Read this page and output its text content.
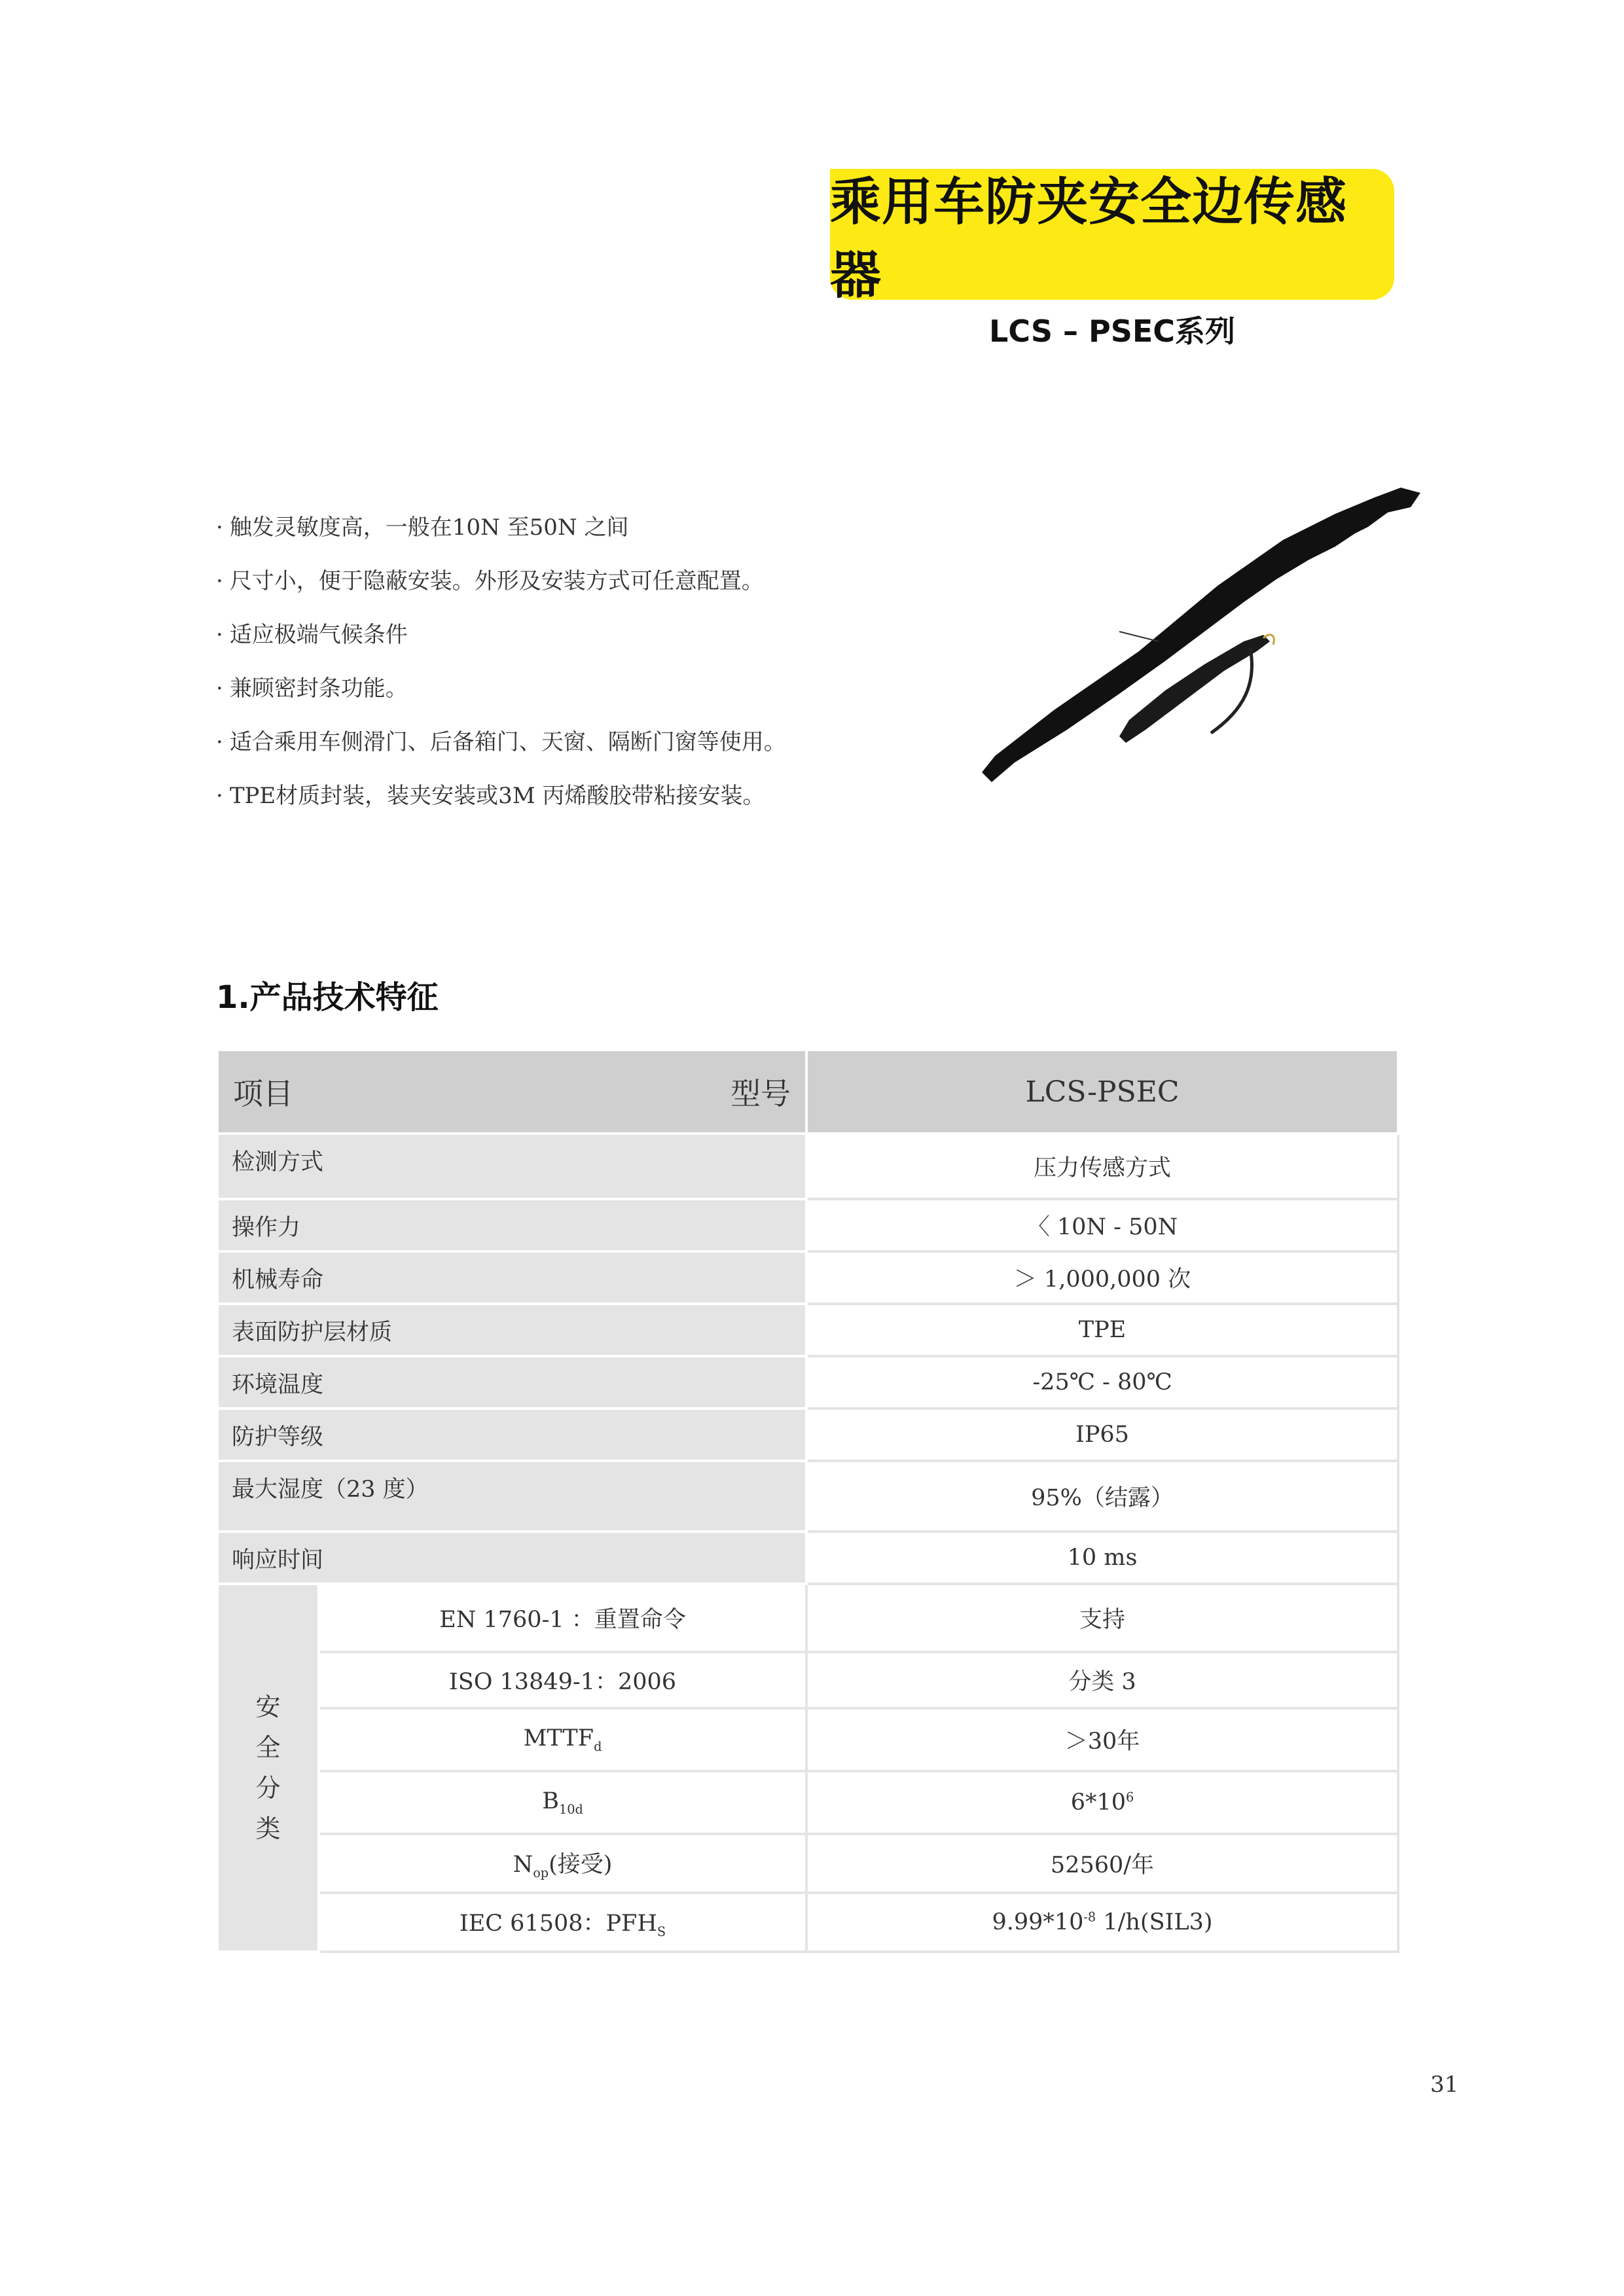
乘用车防夹安全边传感器
LCS – PSEC系列
· 触发灵敏度高，一般在10N 至50N 之间
· 尺寸小，便于隐蔽安装。外形及安装方式可任意配置。
· 适应极端气候条件
· 兼顾密封条功能。
· 适合乘用车侧滑门、后备箱门、天窗、隔断门窗等使用。
· TPE材质封装，装夹安装或3M 丙烯酸胶带粘接安装。
1.产品技术特征
项目 型号		LCS-PSEC
检测方式		压力传感方式
操作力		〈 10N - 50N
机械寿命		＞ 1,000,000 次
表面防护层材质		TPE
环境温度		-25℃ - 80℃
防护等级		IP65
最大湿度（23 度）		95%（结露）
响应时间		10 ms

安
全
分
类	EN 1760-1 ：重置命令	支持
	ISO 13849-1：2006	分类 3
	$MTTF_d$	＞30年
	$B_{10d}$	$6*10^6$
	$N_{op}$(接受)	52560/年
	IEC 61508：$PFH_S$	$9.99*10^{-8}$ 1/h(SIL3)
31
